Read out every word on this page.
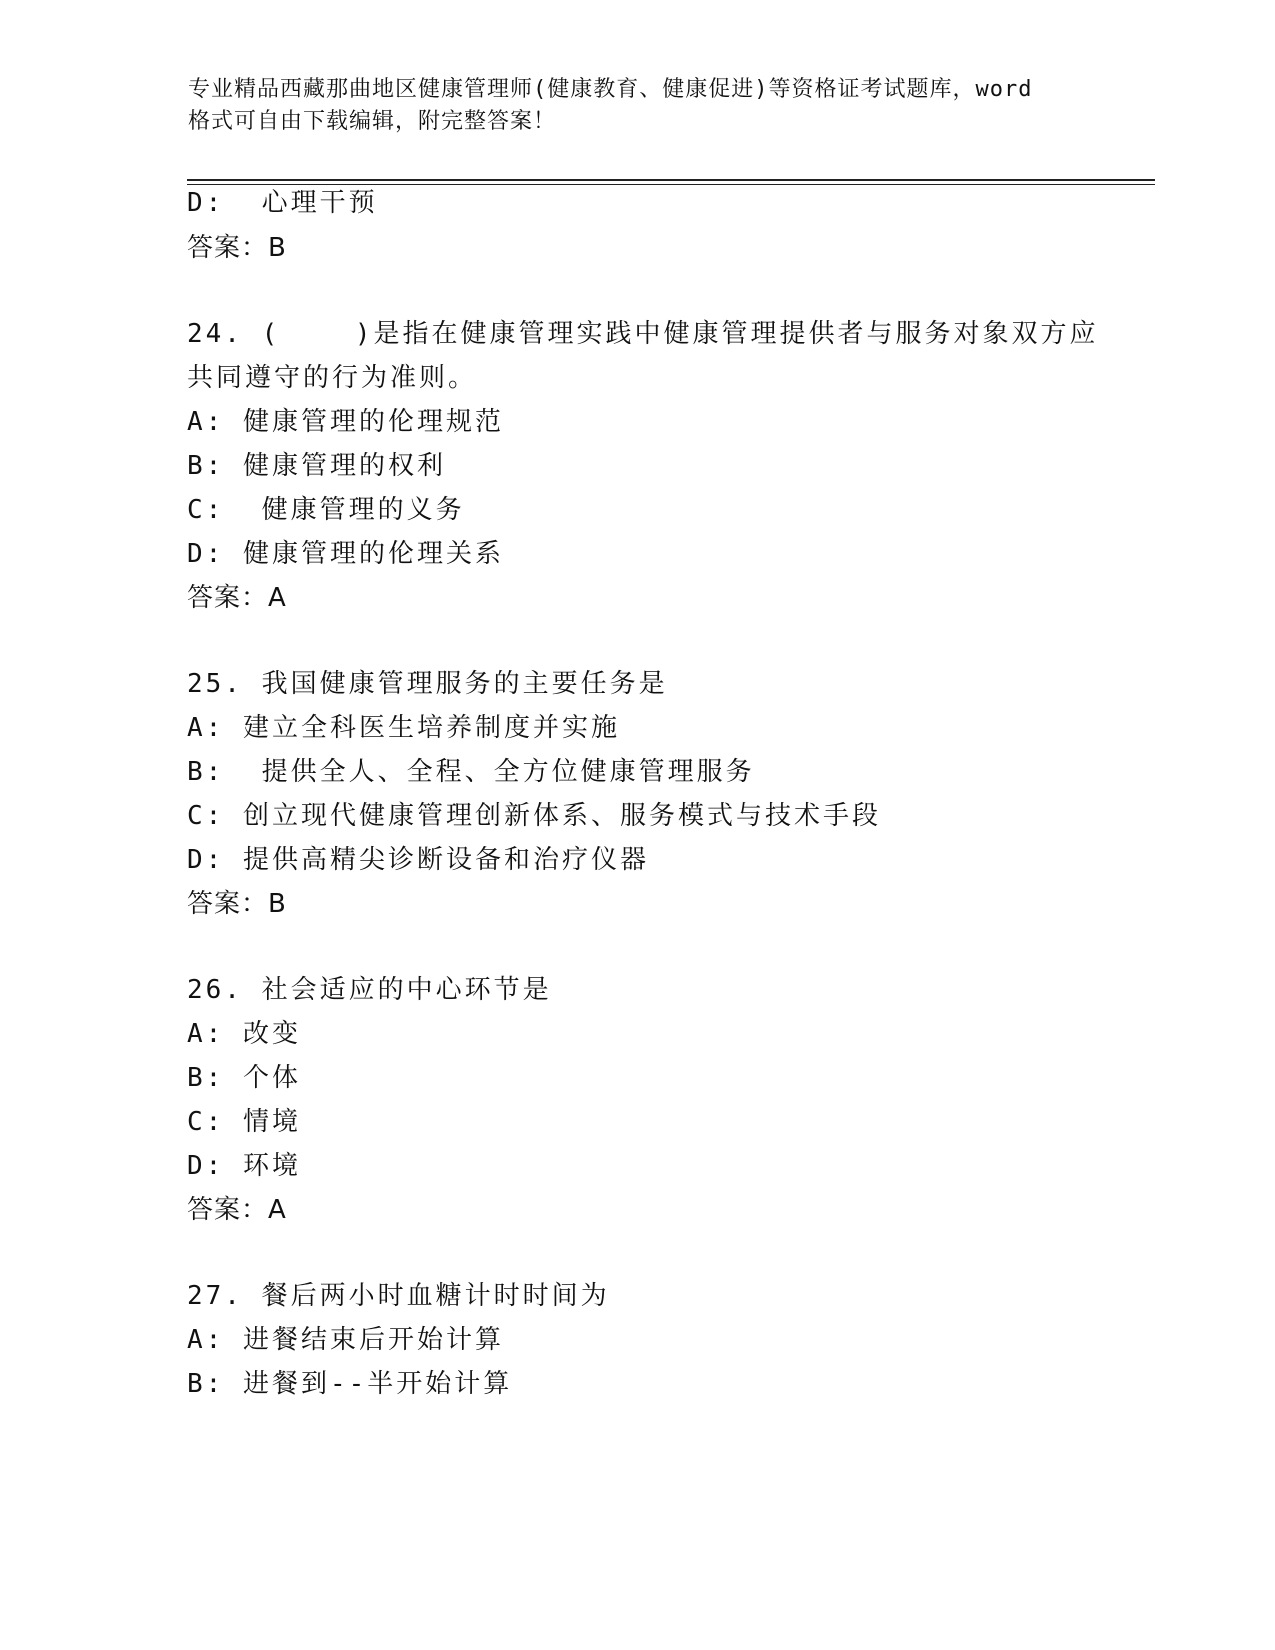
专业精品西藏那曲地区健康管理师(健康教育、健康促进)等资格证考试题库，word
格式可自由下载编辑，附完整答案！
D:  心理干预
答案：B
24. (    )是指在健康管理实践中健康管理提供者与服务对象双方应
共同遵守的行为准则。
A: 健康管理的伦理规范
B: 健康管理的权利
C:  健康管理的义务
D: 健康管理的伦理关系
答案：A
25. 我国健康管理服务的主要任务是
A: 建立全科医生培养制度并实施
B:  提供全人、全程、全方位健康管理服务
C: 创立现代健康管理创新体系、服务模式与技术手段
D: 提供高精尖诊断设备和治疗仪器
答案：B
26. 社会适应的中心环节是
A: 改变
B: 个体
C: 情境
D: 环境
答案：A
27. 餐后两小时血糖计时时间为
A: 进餐结束后开始计算
B: 进餐到--半开始计算
